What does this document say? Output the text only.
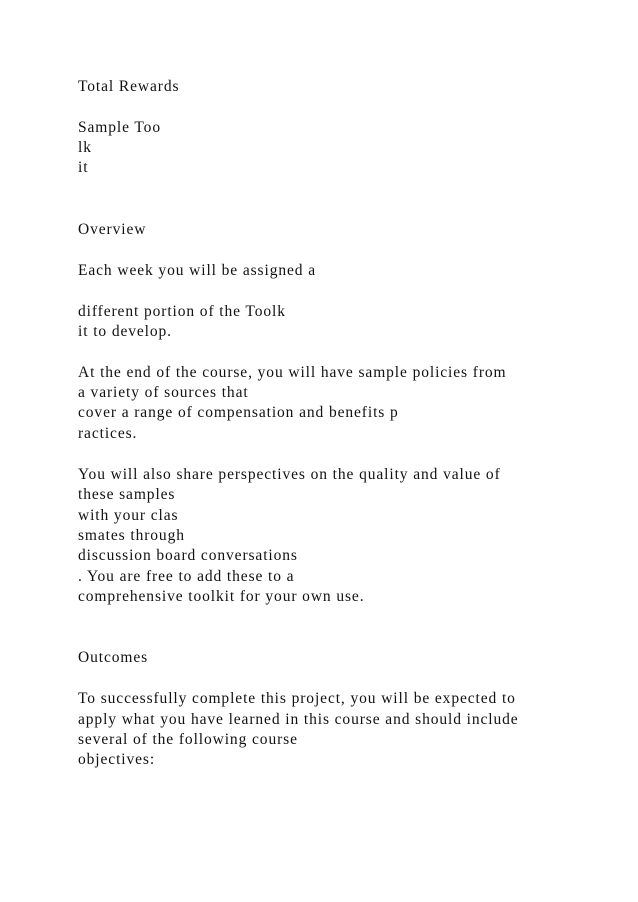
Total Rewards

Sample Too

lk

it

Overview

Each week you will be assigned a

different portion of the Toolk

it to develop.

At the end of the course, you will have sample policies from

a variety of sources that

cover a range of compensation and benefits p

ractices.

You will also share perspectives on the quality and value of

these samples

with your clas

smates through

discussion board conversations

. You are free to add these to a

comprehensive toolkit for your own use.

Outcomes

To successfully complete this project, you will be expected to

apply what you have learned in this course and should include

several of the following course

objectives:
